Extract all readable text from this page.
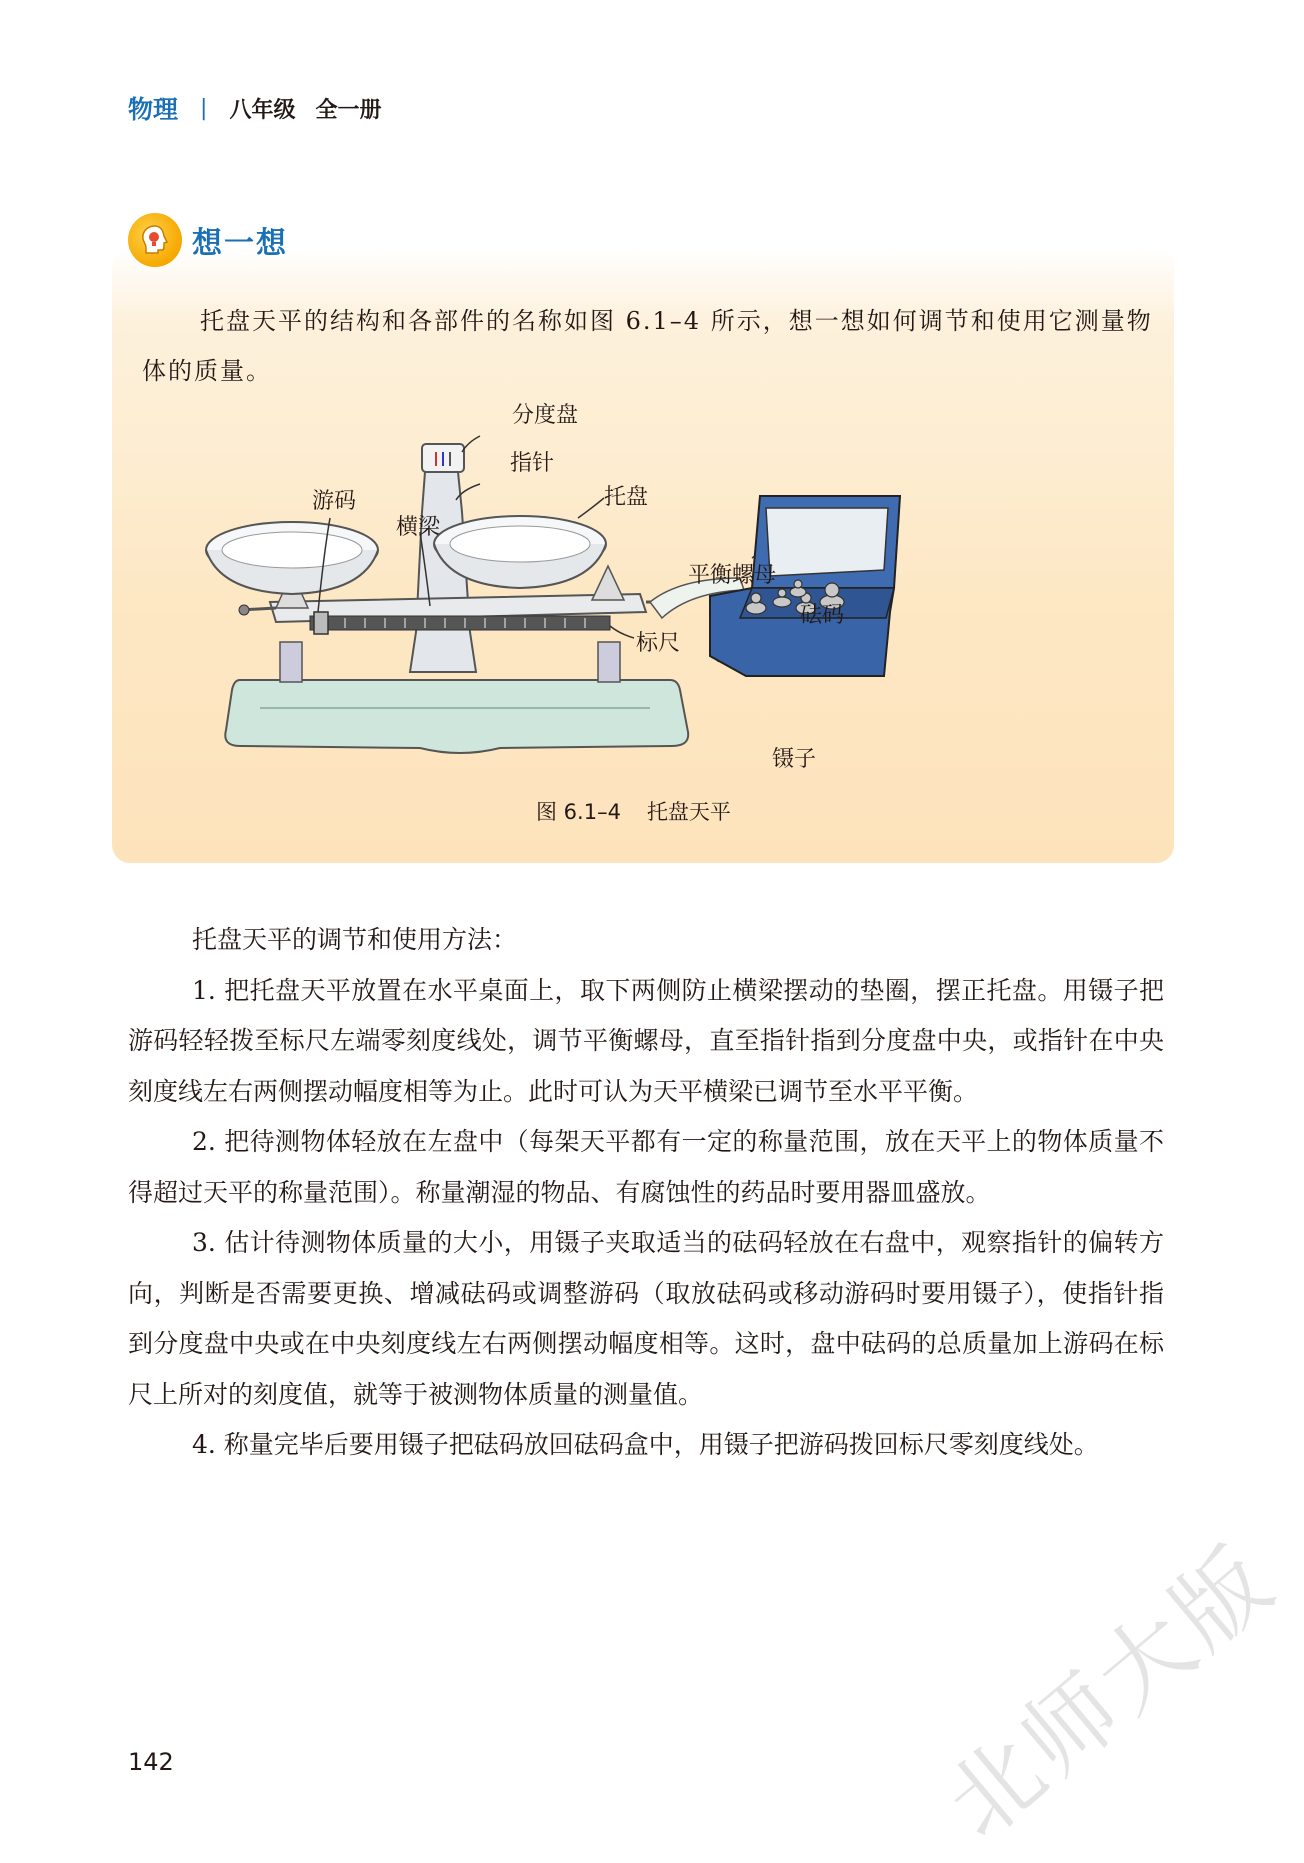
物理 | 八年级 全一册
想一想
托盘天平的结构和各部件的名称如图 6.1–4 所示，想一想如何调节和使用它测量物体的质量。
分度盘
指针
游码
横梁
托盘
平衡螺母
标尺
砝码
镊子
图 6.1–4 托盘天平

托盘天平的调节和使用方法：

1. 把托盘天平放置在水平桌面上，取下两侧防止横梁摆动的垫圈，摆正托盘。用镊子把游码轻轻拨至标尺左端零刻度线处，调节平衡螺母，直至指针指到分度盘中央，或指针在中央刻度线左右两侧摆动幅度相等为止。此时可认为天平横梁已调节至水平平衡。

2. 把待测物体轻放在左盘中（每架天平都有一定的称量范围，放在天平上的物体质量不得超过天平的称量范围）。称量潮湿的物品、有腐蚀性的药品时要用器皿盛放。

3. 估计待测物体质量的大小，用镊子夹取适当的砝码轻放在右盘中，观察指针的偏转方向，判断是否需要更换、增减砝码或调整游码（取放砝码或移动游码时要用镊子），使指针指到分度盘中央或在中央刻度线左右两侧摆动幅度相等。这时，盘中砝码的总质量加上游码在标尺上所对的刻度值，就等于被测物体质量的测量值。

4. 称量完毕后要用镊子把砝码放回砝码盒中，用镊子把游码拨回标尺零刻度线处。

北师大版
142
